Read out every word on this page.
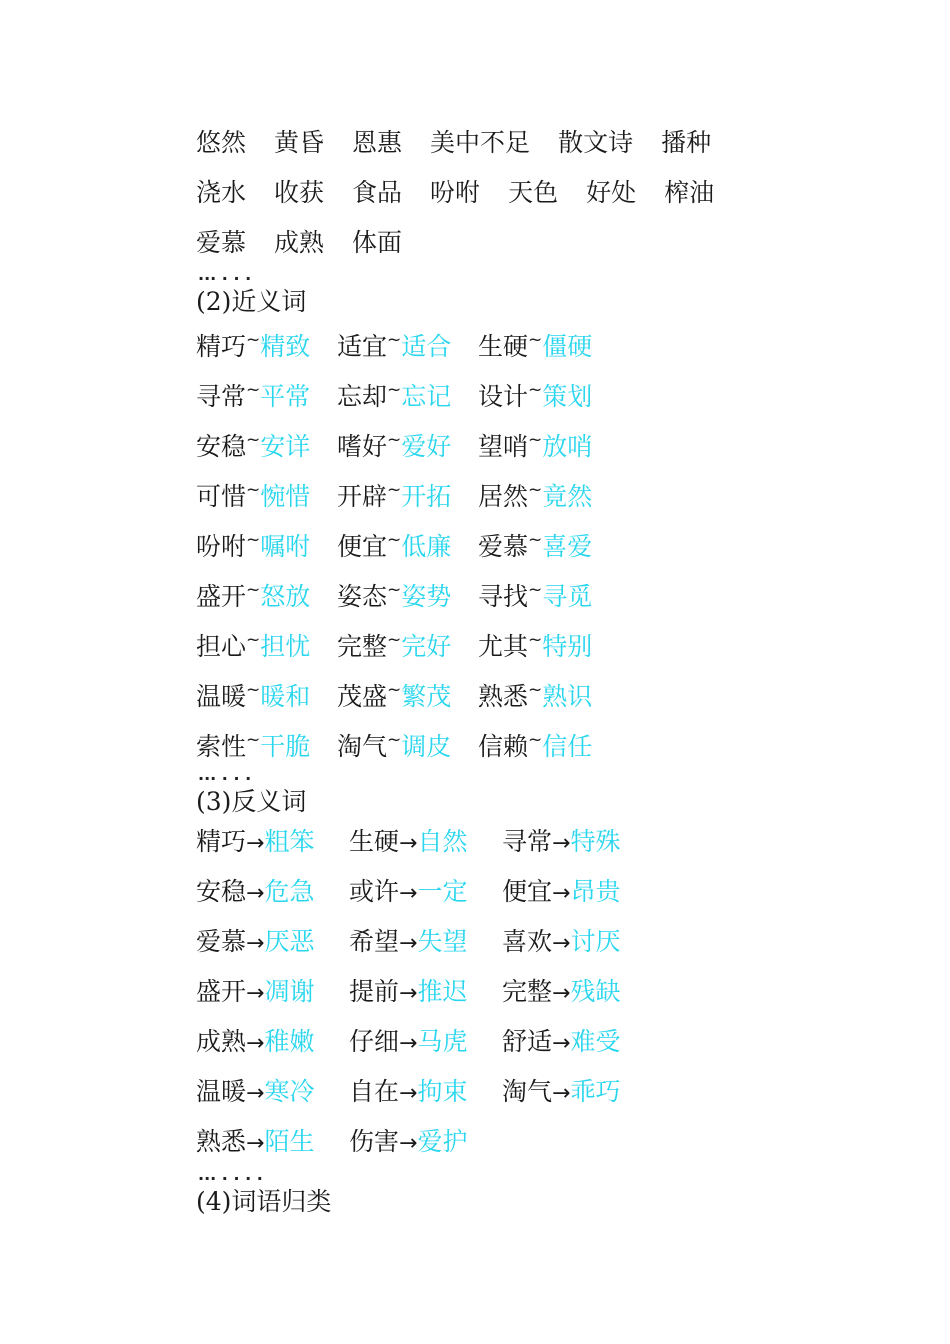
悠然 黄昏 恩惠 美中不足 散文诗 播种
浇水 收获 食品 吩咐 天色 好处 榨油
爱慕 成熟 体面
... . . .
(2)近义词
精巧~精致	适宜~适合	生硬~僵硬
寻常~平常	忘却~忘记	设计~策划
安稳~安详	嗜好~爱好	望哨~放哨
可惜~惋惜	开辟~开拓	居然~竟然
吩咐~嘱咐	便宜~低廉	爱慕~喜爱
盛开~怒放	姿态~姿势	寻找~寻觅
担心~担忧	完整~完好	尤其~特别
温暖~暖和	茂盛~繁茂	熟悉~熟识
索性~干脆	淘气~调皮	信赖~信任
... . . .
(3)反义词
精巧→粗笨	生硬→自然	寻常→特殊
安稳→危急	或许→一定	便宜→昂贵
爱慕→厌恶	希望→失望	喜欢→讨厌
盛开→凋谢	提前→推迟	完整→残缺
成熟→稚嫩	仔细→马虎	舒适→难受
温暖→寒冷	自在→拘束	淘气→乖巧
熟悉→陌生	伤害→爱护
... . . . .
(4)词语归类
